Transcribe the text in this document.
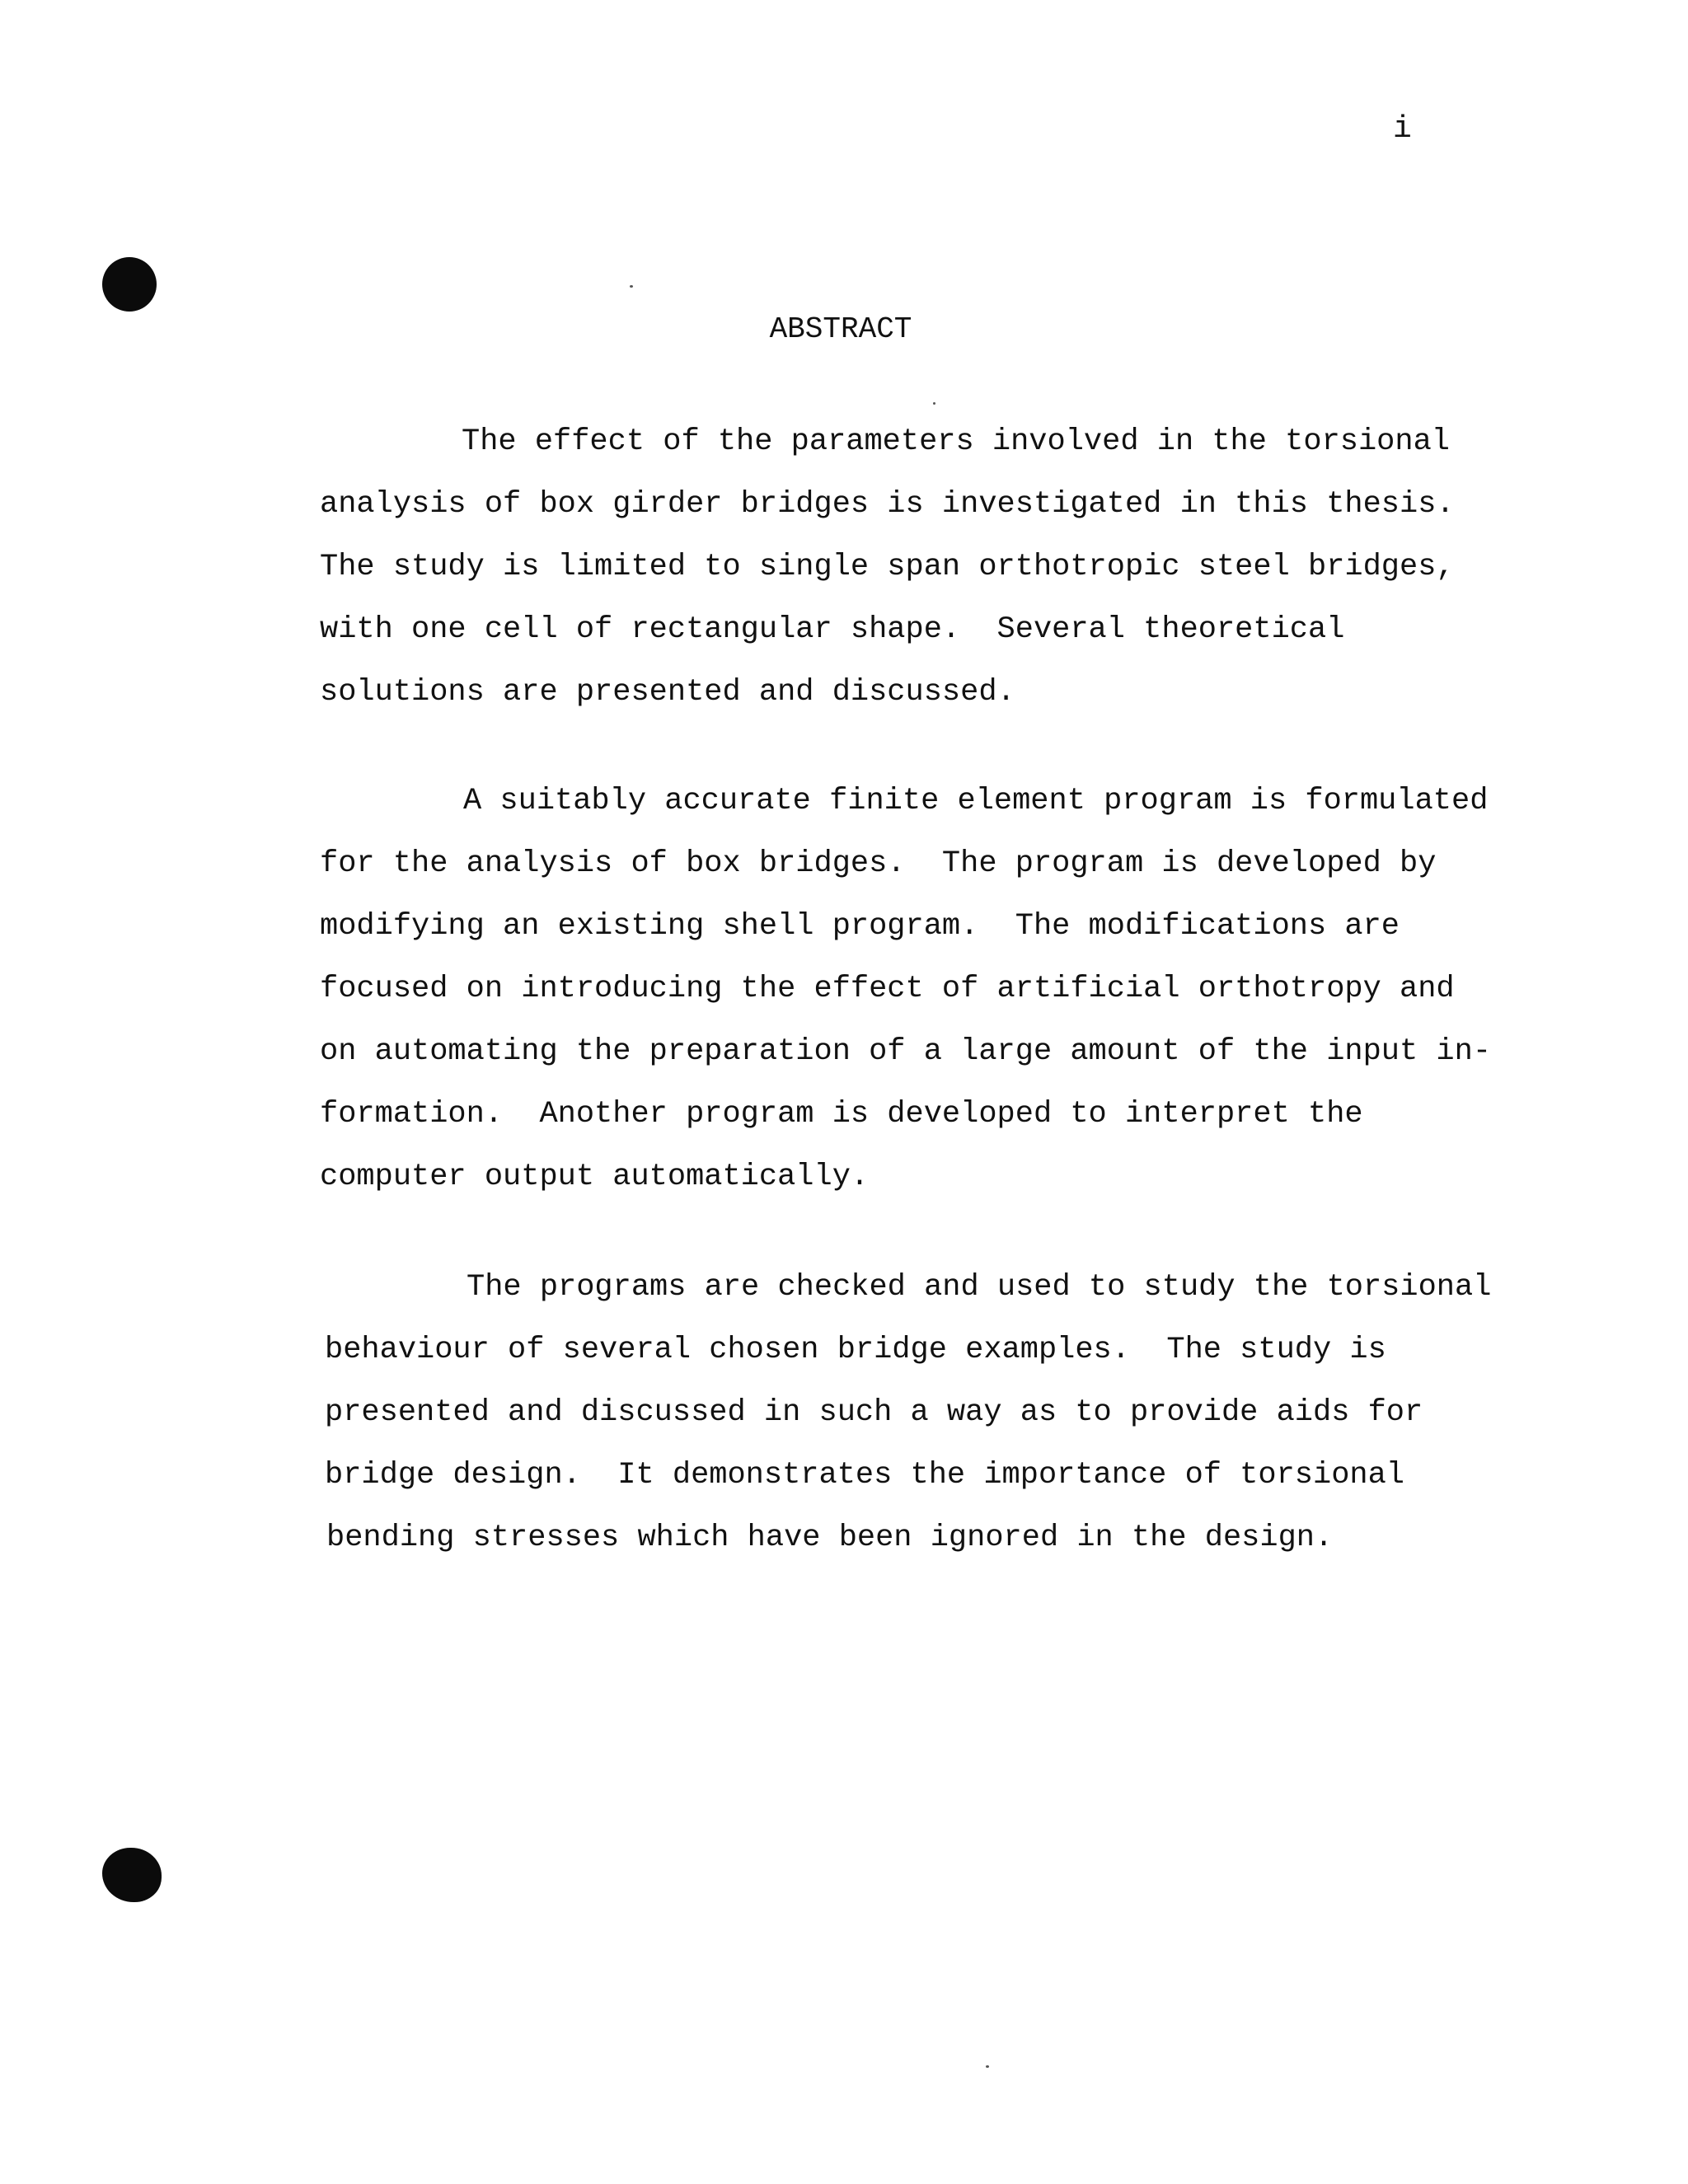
i
ABSTRACT
The effect of the parameters involved in the torsional
analysis of box girder bridges is investigated in this thesis.
The study is limited to single span orthotropic steel bridges,
with one cell of rectangular shape.  Several theoretical
solutions are presented and discussed.
A suitably accurate finite element program is formulated
for the analysis of box bridges.  The program is developed by
modifying an existing shell program.  The modifications are
focused on introducing the effect of artificial orthotropy and
on automating the preparation of a large amount of the input in-
formation.  Another program is developed to interpret the
computer output automatically.
The programs are checked and used to study the torsional
behaviour of several chosen bridge examples.  The study is
presented and discussed in such a way as to provide aids for
bridge design.  It demonstrates the importance of torsional
bending stresses which have been ignored in the design.
